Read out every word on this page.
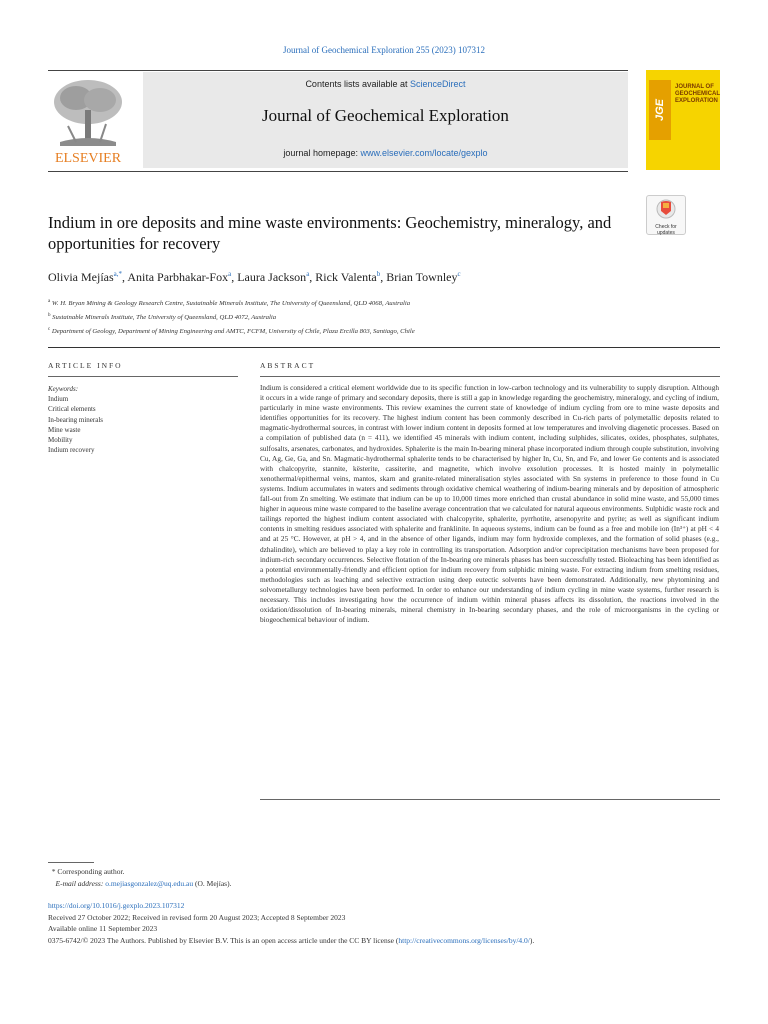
Journal of Geochemical Exploration 255 (2023) 107312
ELSEVIER
Contents lists available at ScienceDirect
Journal of Geochemical Exploration
journal homepage: www.elsevier.com/locate/gexplo
JGE
JOURNAL OF
GEOCHEMICAL
EXPLORATION
Check for
updates
Indium in ore deposits and mine waste environments: Geochemistry, mineralogy, and opportunities for recovery
Olivia Mejías$^{a,*}$, Anita Parbhakar-Fox$^a$, Laura Jackson$^a$, Rick Valenta$^b$, Brian Townley$^c$
$^a$ W. H. Bryan Mining & Geology Research Centre, Sustainable Minerals Institute, The University of Queensland, QLD 4068, Australia
$^b$ Sustainable Minerals Institute, The University of Queensland, QLD 4072, Australia
$^c$ Department of Geology, Department of Mining Engineering and AMTC, FCFM, University of Chile, Plaza Ercilla 803, Santiago, Chile
ARTICLE INFO	ABSTRACT
Keywords:
Indium
Critical elements
In-bearing minerals
Mine waste
Mobility
Indium recovery
Indium is considered a critical element worldwide due to its specific function in low-carbon technology and its vulnerability to supply disruption. Although it occurs in a wide range of primary and secondary deposits, there is still a gap in knowledge regarding the geochemistry, mineralogy, and cycling of indium, particularly in mine waste environments. This review examines the current state of knowledge of indium cycling from ore to mine waste deposits and identifies opportunities for its recovery. The highest indium content has been commonly described in Cu-rich parts of polymetallic deposits related to magmatic-hydrothermal sources, in contrast with lower indium content in deposits formed at low temperatures and involving diagenetic processes. Based on a compilation of published data (n = 411), we identified 45 minerals with indium content, including sulphides, silicates, oxides, phosphates, sulphates, sulfosalts, arsenates, carbonates, and hydroxides. Sphalerite is the main In-bearing mineral phase incorporated indium through couple substitution, involving Cu, Ag, Ge, Ga, and Sn. Magmatic-hydrothermal sphalerite tends to be characterised by higher In, Cu, Sn, and Fe, and lower Ge contents and is associated with chalcopyrite, stannite, kësterite, cassiterite, and magnetite, which involve exsolution processes. It is hosted mainly in polymetallic xenothermal/epithermal veins, mantos, skarn and granite-related mineralisation styles associated with Sn systems in preference to those found in Cu systems. Indium accumulates in waters and sediments through oxidative chemical weathering of indium-bearing minerals and by deposition of atmospheric fall-out from Zn smelting. We estimate that indium can be up to 10,000 times more enriched than crustal abundance in solid mine waste, and 55,000 times higher in aqueous mine waste compared to the baseline average concentration that we calculated for natural aqueous environments. Sulphidic waste rock and tailings reported the highest indium content associated with chalcopyrite, sphalerite, pyrrhotite, arsenopyrite and pyrite; as well as significant indium contents in smelting residues associated with sphalerite and franklinite. In aqueous systems, indium can be found as a free and mobile ion (In³⁺) at pH < 4 and at 25 °C. However, at pH > 4, and in the absence of other ligands, indium may form hydroxide complexes, and the formation of solid phases (e.g., dzhalindite), which are believed to play a key role in controlling its transportation. Adsorption and/or coprecipitation mechanisms have been proposed for indium-rich secondary occurrences. Selective flotation of the In-bearing ore minerals phases has been successfully tested. Bioleaching has been identified as a potential environmentally-friendly and efficient option for indium recovery from sulphidic mining waste. For extracting indium from smelting residues, methodologies such as leaching and selective extraction using deep eutectic solvents have been demonstrated. Additionally, new phytomining and solvometallurgy technologies have been performed. In order to enhance our understanding of indium cycling in mine waste systems, further research is necessary. This includes investigating how the occurrence of indium within mineral phases affects its dissolution, the reactions involved in the oxidation/dissolution of In-bearing minerals, mineral chemistry in In-bearing secondary phases, and the role of microorganisms in the cycling or biogeochemical behaviour of indium.
* Corresponding author.
E-mail address: o.mejiasgonzalez@uq.edu.au (O. Mejías).
https://doi.org/10.1016/j.gexplo.2023.107312
Received 27 October 2022; Received in revised form 20 August 2023; Accepted 8 September 2023
Available online 11 September 2023
0375-6742/© 2023 The Authors. Published by Elsevier B.V. This is an open access article under the CC BY license (http://creativecommons.org/licenses/by/4.0/).
